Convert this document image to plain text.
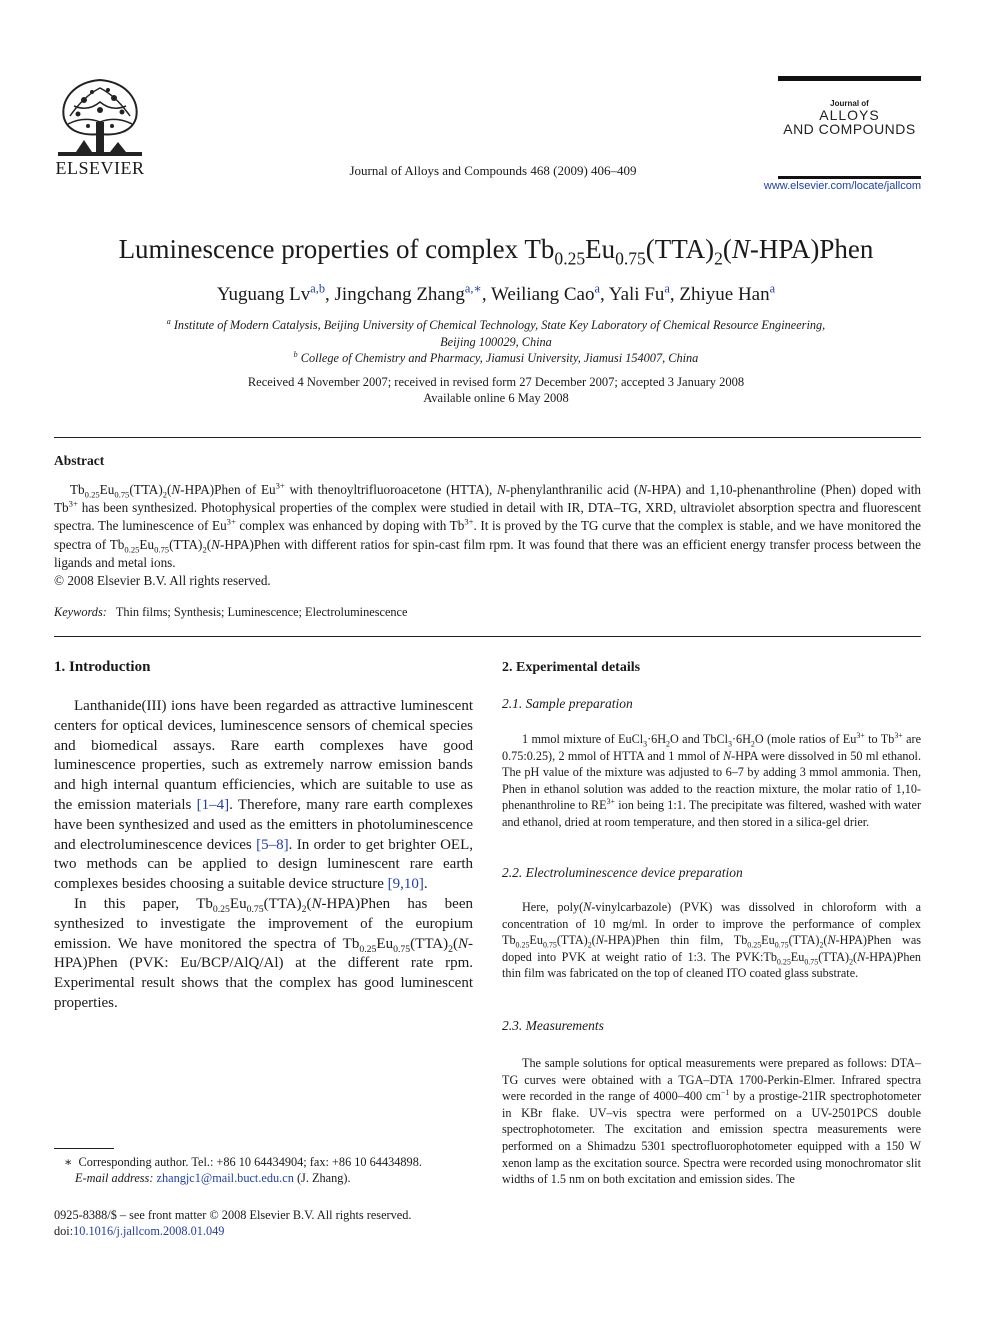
ELSEVIER	Journal of Alloys and Compounds 468 (2009) 406–409
Journal of
ALLOYS
AND COMPOUNDS
www.elsevier.com/locate/jallcom
Luminescence properties of complex $Tb_{0.25}Eu_{0.75}(TTA)_2(N-HPA)Phen$
Yuguang Lv$^{a,b}$, Jingchang Zhang$^{a,∗}$, Weiliang Cao$^a$, Yali Fu$^a$, Zhiyue Han$^a$
$^a$ Institute of Modern Catalysis, Beijing University of Chemical Technology, State Key Laboratory of Chemical Resource Engineering,
Beijing 100029, China
$^b$ College of Chemistry and Pharmacy, Jiamusi University, Jiamusi 154007, China
Received 4 November 2007; received in revised form 27 December 2007; accepted 3 January 2008
Available online 6 May 2008
Abstract
$Tb_{0.25}Eu_{0.75}(TTA)_2(N-HPA)Phen$ of $Eu^{3+}$ with thenoyltrifluoroacetone (HTTA), N-phenylanthranilic acid (N-HPA) and 1,10-phenanthroline (Phen) doped with $Tb^{3+}$ has been synthesized. Photophysical properties of the complex were studied in detail with IR, DTA–TG, XRD, ultraviolet absorption spectra and fluorescent spectra. The luminescence of $Eu^{3+}$ complex was enhanced by doping with $Tb^{3+}$. It is proved by the TG curve that the complex is stable, and we have monitored the spectra of $Tb_{0.25}Eu_{0.75}(TTA)_2(N-HPA)Phen$ with different ratios for spin-cast film rpm. It was found that there was an efficient energy transfer process between the ligands and metal ions.
© 2008 Elsevier B.V. All rights reserved.
Keywords: Thin films; Synthesis; Luminescence; Electroluminescence
1. Introduction

Lanthanide(III) ions have been regarded as attractive luminescent centers for optical devices, luminescence sensors of chemical species and biomedical assays. Rare earth complexes have good luminescence properties, such as extremely narrow emission bands and high internal quantum efficiencies, which are suitable to use as the emission materials [1–4]. Therefore, many rare earth complexes have been synthesized and used as the emitters in photoluminescence and electroluminescence devices [5–8]. In order to get brighter OEL, two methods can be applied to design luminescent rare earth complexes besides choosing a suitable device structure [9,10].

In this paper, $Tb_{0.25}Eu_{0.75}(TTA)_2(N-HPA)Phen$ has been synthesized to investigate the improvement of the europium emission. We have monitored the spectra of $Tb_{0.25}Eu_{0.75}(TTA)_2(N-HPA)Phen$ (PVK: Eu/BCP/AlQ/Al) at the different rate rpm. Experimental result shows that the complex has good luminescent properties.

2. Experimental details
2.1. Sample preparation
1 mmol mixture of $EuCl_3\cdot 6H_2O$ and $TbCl_3\cdot 6H_2O$ (mole ratios of $Eu^{3+}$ to $Tb^{3+}$ are 0.75:0.25), 2 mmol of HTTA and 1 mmol of N-HPA were dissolved in 50 ml ethanol. The pH value of the mixture was adjusted to 6–7 by adding 3 mmol ammonia. Then, Phen in ethanol solution was added to the reaction mixture, the molar ratio of 1,10-phenanthroline to $RE^{3+}$ ion being 1:1. The precipitate was filtered, washed with water and ethanol, dried at room temperature, and then stored in a silica-gel drier.
2.2. Electroluminescence device preparation
Here, poly(N-vinylcarbazole) (PVK) was dissolved in chloroform with a concentration of 10 mg/ml. In order to improve the performance of complex $Tb_{0.25}Eu_{0.75}(TTA)_2(N-HPA)Phen$ thin film, $Tb_{0.25}Eu_{0.75}(TTA)_2(N-HPA)Phen$ was doped into PVK at weight ratio of 1:3. The $PVK:Tb_{0.25}Eu_{0.75}(TTA)_2(N-HPA)Phen$ thin film was fabricated on the top of cleaned ITO coated glass substrate.
2.3. Measurements
The sample solutions for optical measurements were prepared as follows: DTA–TG curves were obtained with a TGA–DTA 1700-Perkin-Elmer. Infrared spectra were recorded in the range of 4000–400 $cm^{-1}$ by a prostige-21IR spectrophotometer in KBr flake. UV–vis spectra were performed on a UV-2501PCS double spectrophotometer. The excitation and emission spectra measurements were performed on a Shimadzu 5301 spectrofluorophotometer equipped with a 150 W xenon lamp as the excitation source. Spectra were recorded using monochromator slit widths of 1.5 nm on both excitation and emission sides. The
∗ Corresponding author. Tel.: +86 10 64434904; fax: +86 10 64434898.
E-mail address: zhangjc1@mail.buct.edu.cn (J. Zhang).
0925-8388/$ – see front matter © 2008 Elsevier B.V. All rights reserved.
doi:10.1016/j.jallcom.2008.01.049
